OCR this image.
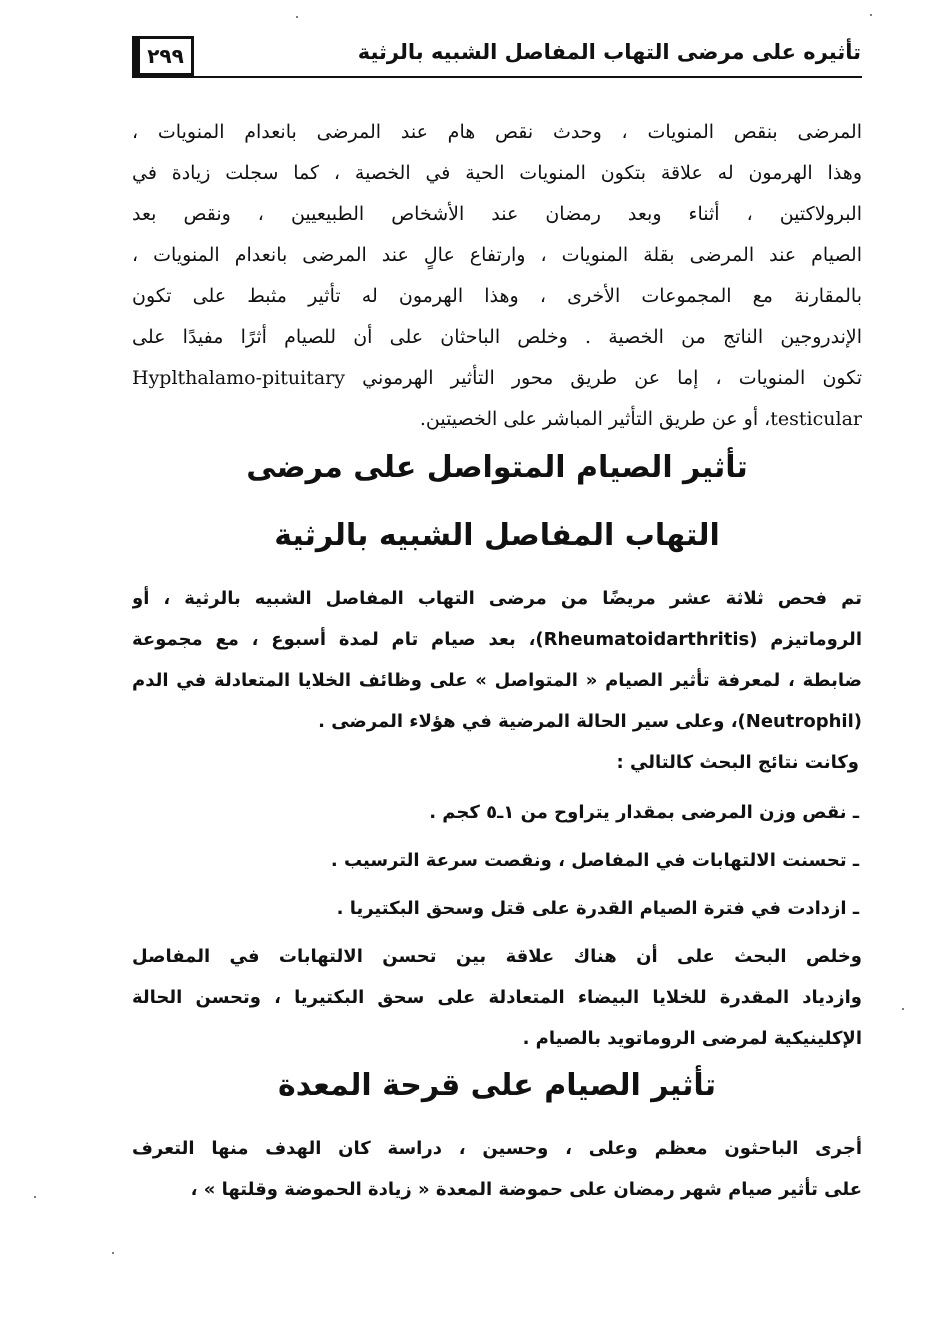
٢٩٩	تأثيره على مرضى التهاب المفاصل الشبيه بالرثية
المرضى بنقص المنويات ، وحدث نقص هام عند المرضى بانعدام المنويات ،
وهذا الهرمون له علاقة بتكون المنويات الحية في الخصية ، كما سجلت زيادة في
البرولاكتين ، أثناء وبعد رمضان عند الأشخاص الطبيعيين ، ونقص بعد
الصيام عند المرضى بقلة المنويات ، وارتفاع عالٍ عند المرضى بانعدام المنويات ،
بالمقارنة مع المجموعات الأخرى ، وهذا الهرمون له تأثير مثبط على تكون
الإندروجين الناتج من الخصية . وخلص الباحثان على أن للصيام أثرًا مفيدًا على
تكون المنويات ، إما عن طريق محور التأثير الهرموني Hyplthalamo-pituitary
testicular، أو عن طريق التأثير المباشر على الخصيتين.
تأثير الصيام المتواصل على مرضى
التهاب المفاصل الشبيه بالرثية
تم فحص ثلاثة عشر مريضًا من مرضى التهاب المفاصل الشبيه بالرثية ، أو
الروماتيزم (Rheumatoidarthritis)، بعد صيام تام لمدة أسبوع ، مع مجموعة
ضابطة ، لمعرفة تأثير الصيام « المتواصل » على وظائف الخلايا المتعادلة في الدم
(Neutrophil)، وعلى سير الحالة المرضية في هؤلاء المرضى .
وكانت نتائج البحث كالتالي :
ـ نقص وزن المرضى بمقدار يتراوح من ١ـ٥ كجم .
ـ تحسنت الالتهابات في المفاصل ، ونقصت سرعة الترسيب .
ـ ازدادت في فترة الصيام القدرة على قتل وسحق البكتيريا .
وخلص البحث على أن هناك علاقة بين تحسن الالتهابات في المفاصل
وازدياد المقدرة للخلايا البيضاء المتعادلة على سحق البكتيريا ، وتحسن الحالة
الإكلينيكية لمرضى الروماتويد بالصيام .
تأثير الصيام على قرحة المعدة
أجرى الباحثون معظم وعلى ، وحسين ، دراسة كان الهدف منها التعرف
على تأثير صيام شهر رمضان على حموضة المعدة « زيادة الحموضة وقلتها » ،
